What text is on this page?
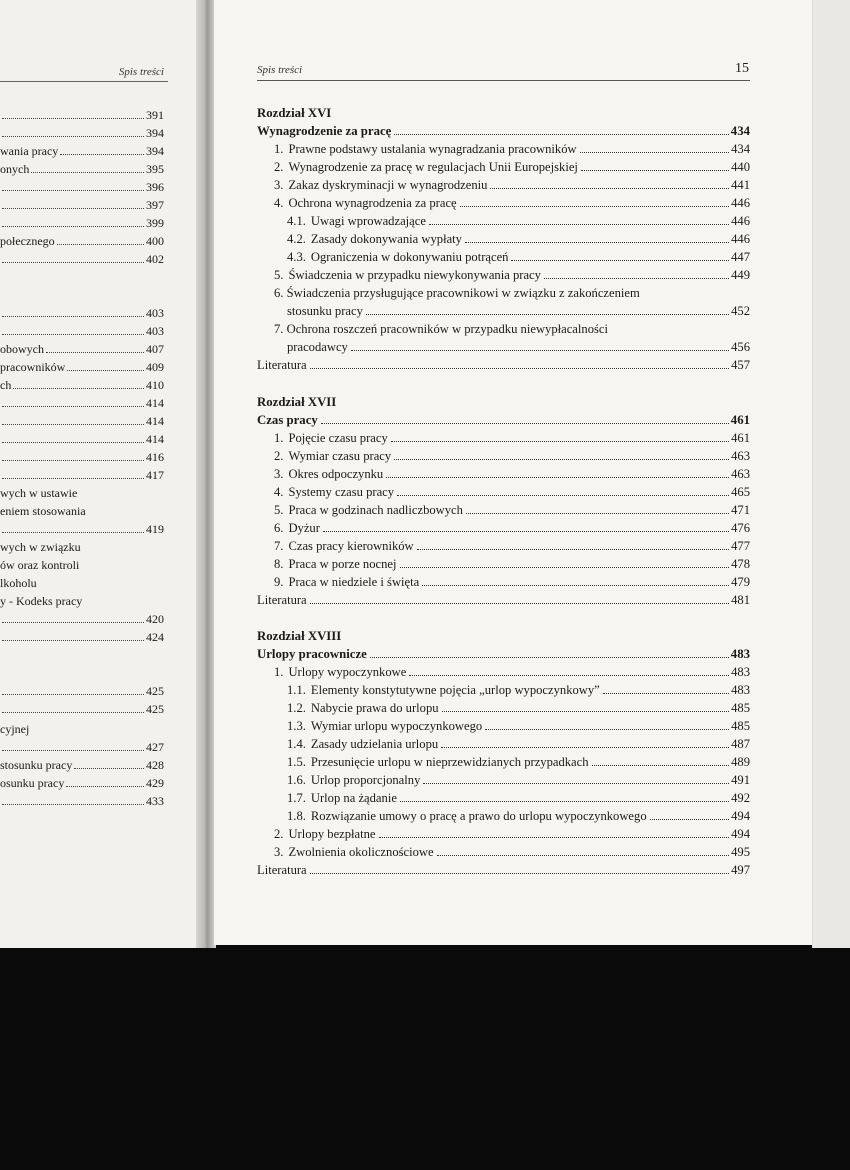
Spis treści
391
394
wania pracy	394
onych	395
396
397
399
połecznego	400
402
403
403
obowych	407
pracowników	409
ch	410
414
414
414
416
417
wych w ustawie
eniem stosowania
419
wych w związku
ów oraz kontroli
lkoholu
y - Kodeks pracy
420
424
425
425
cyjnej
427
stosunku pracy	428
osunku pracy	429
433
Spis treści	15
Rozdział XVI
Wynagrodzenie za pracę	434
1. Prawne podstawy ustalania wynagradzania pracowników	434
2. Wynagrodzenie za pracę w regulacjach Unii Europejskiej	440
3. Zakaz dyskryminacji w wynagrodzeniu	441
4. Ochrona wynagrodzenia za pracę	446
4.1. Uwagi wprowadzające	446
4.2. Zasady dokonywania wypłaty	446
4.3. Ograniczenia w dokonywaniu potrąceń	447
5. Świadczenia w przypadku niewykonywania pracy	449
6. Świadczenia przysługujące pracownikowi w związku z zakończeniem
stosunku pracy	452
7. Ochrona roszczeń pracowników w przypadku niewypłacalności
pracodawcy	456
Literatura	457
Rozdział XVII
Czas pracy	461
1. Pojęcie czasu pracy	461
2. Wymiar czasu pracy	463
3. Okres odpoczynku	463
4. Systemy czasu pracy	465
5. Praca w godzinach nadliczbowych	471
6. Dyżur	476
7. Czas pracy kierowników	477
8. Praca w porze nocnej	478
9. Praca w niedziele i święta	479
Literatura	481
Rozdział XVIII
Urlopy pracownicze	483
1. Urlopy wypoczynkowe	483
1.1. Elementy konstytutywne pojęcia „urlop wypoczynkowy”	483
1.2. Nabycie prawa do urlopu	485
1.3. Wymiar urlopu wypoczynkowego	485
1.4. Zasady udzielania urlopu	487
1.5. Przesunięcie urlopu w nieprzewidzianych przypadkach	489
1.6. Urlop proporcjonalny	491
1.7. Urlop na żądanie	492
1.8. Rozwiązanie umowy o pracę a prawo do urlopu wypoczynkowego	494
2. Urlopy bezpłatne	494
3. Zwolnienia okolicznościowe	495
Literatura	497
